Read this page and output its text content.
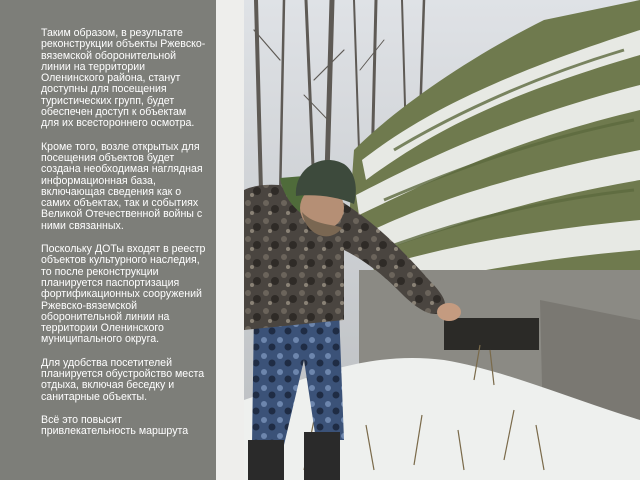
Таким образом, в результате
реконструкции объекты Ржевско-
вяземской оборонительной
линии на территории
Оленинского района, станут
доступны для посещения
туристических групп, будет
обеспечен доступ к объектам
для их всестороннего осмотра.

Кроме того, возле открытых для
посещения объектов будет
создана необходимая наглядная
информационная база,
включающая сведения как о
самих объектах, так и событиях
Великой Отечественной войны с
ними связанных.

Поскольку ДОТы входят в реестр
объектов культурного наследия,
то после реконструкции
планируется паспортизация
фортификационных сооружений
Ржевско-вяземской
оборонительной линии на
территории Оленинского
муниципального округа.

Для удобства посетителей
планируется обустройство места
отдыха, включая беседку и
санитарные объекты.

Всё это повысит
привлекательность маршрута
